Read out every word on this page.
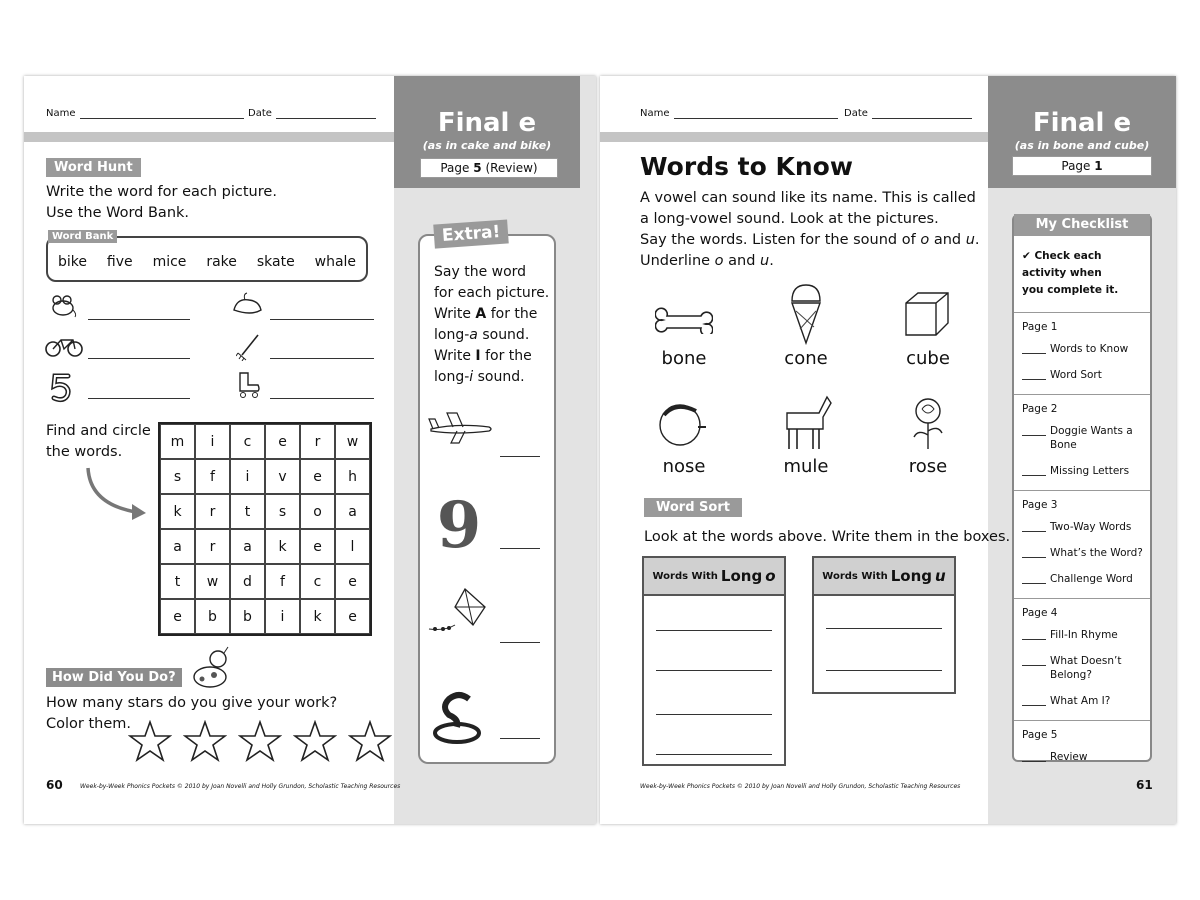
Name	Date	Final e
(as in cake and bike)
Page 5 (Review)
Word Hunt
Write the word for each picture.
Use the Word Bank.
Word Bank
bike five mice rake skate whale
Find and circle
the words.
m	i	c	e	r	w
s	f	i	v	e	h
k	r	t	s	o	a
a	r	a	k	e	l
t	w	d	f	c	e
e	b	b	i	k	e
How Did You Do?
How many stars do you give your work?
Color them.
Extra!
Say the word
for each picture.
Write A for the
long-a sound.
Write I for the
long-i sound.
9
60	Week-by-Week Phonics Pockets © 2010 by Joan Novelli and Holly Grundon, Scholastic Teaching Resources
Name	Date	Final e
(as in bone and cube)
Page 1
Words to Know
A vowel can sound like its name. This is called
a long-vowel sound. Look at the pictures.
Say the words. Listen for the sound of o and u.
Underline o and u.
bone	cone	cube
nose	mule	rose
Word Sort
Look at the words above. Write them in the boxes.
Words With Long o	Words With Long u
My Checklist
✔ Check each
activity when
you complete it.
Page 1
Words to Know
Word Sort
Page 2
Doggie Wants a Bone
Missing Letters
Page 3
Two-Way Words
What’s the Word?
Challenge Word
Page 4
Fill-In Rhyme
What Doesn’t Belong?
What Am I?
Page 5
Review
61
Week-by-Week Phonics Pockets © 2010 by Joan Novelli and Holly Grundon, Scholastic Teaching Resources
